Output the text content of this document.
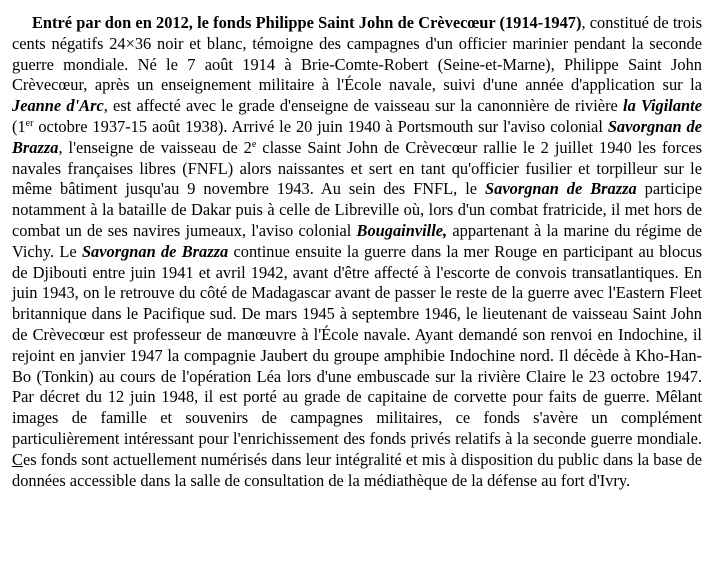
Entré par don en 2012, le fonds Philippe Saint John de Crèvecœur (1914-1947), constitué de trois cents négatifs 24×36 noir et blanc, témoigne des campagnes d'un officier marinier pendant la seconde guerre mondiale. Né le 7 août 1914 à Brie-Comte-Robert (Seine-et-Marne), Philippe Saint John Crèvecœur, après un enseignement militaire à l'École navale, suivi d'une année d'application sur la Jeanne d'Arc, est affecté avec le grade d'enseigne de vaisseau sur la canonnière de rivière la Vigilante (1er octobre 1937-15 août 1938). Arrivé le 20 juin 1940 à Portsmouth sur l'aviso colonial Savorgnan de Brazza, l'enseigne de vaisseau de 2e classe Saint John de Crèvecœur rallie le 2 juillet 1940 les forces navales françaises libres (FNFL) alors naissantes et sert en tant qu'officier fusilier et torpilleur sur le même bâtiment jusqu'au 9 novembre 1943. Au sein des FNFL, le Savorgnan de Brazza participe notamment à la bataille de Dakar puis à celle de Libreville où, lors d'un combat fratricide, il met hors de combat un de ses navires jumeaux, l'aviso colonial Bougainville, appartenant à la marine du régime de Vichy. Le Savorgnan de Brazza continue ensuite la guerre dans la mer Rouge en participant au blocus de Djibouti entre juin 1941 et avril 1942, avant d'être affecté à l'escorte de convois transatlantiques. En juin 1943, on le retrouve du côté de Madagascar avant de passer le reste de la guerre avec l'Eastern Fleet britannique dans le Pacifique sud. De mars 1945 à septembre 1946, le lieutenant de vaisseau Saint John de Crèvecœur est professeur de manœuvre à l'École navale. Ayant demandé son renvoi en Indochine, il rejoint en janvier 1947 la compagnie Jaubert du groupe amphibie Indochine nord. Il décède à Kho-Han-Bo (Tonkin) au cours de l'opération Léa lors d'une embuscade sur la rivière Claire le 23 octobre 1947. Par décret du 12 juin 1948, il est porté au grade de capitaine de corvette pour faits de guerre. Mêlant images de famille et souvenirs de campagnes militaires, ce fonds s'avère un complément particulièrement intéressant pour l'enrichissement des fonds privés relatifs à la seconde guerre mondiale. Ces fonds sont actuellement numérisés dans leur intégralité et mis à disposition du public dans la base de données accessible dans la salle de consultation de la médiathèque de la défense au fort d'Ivry.
